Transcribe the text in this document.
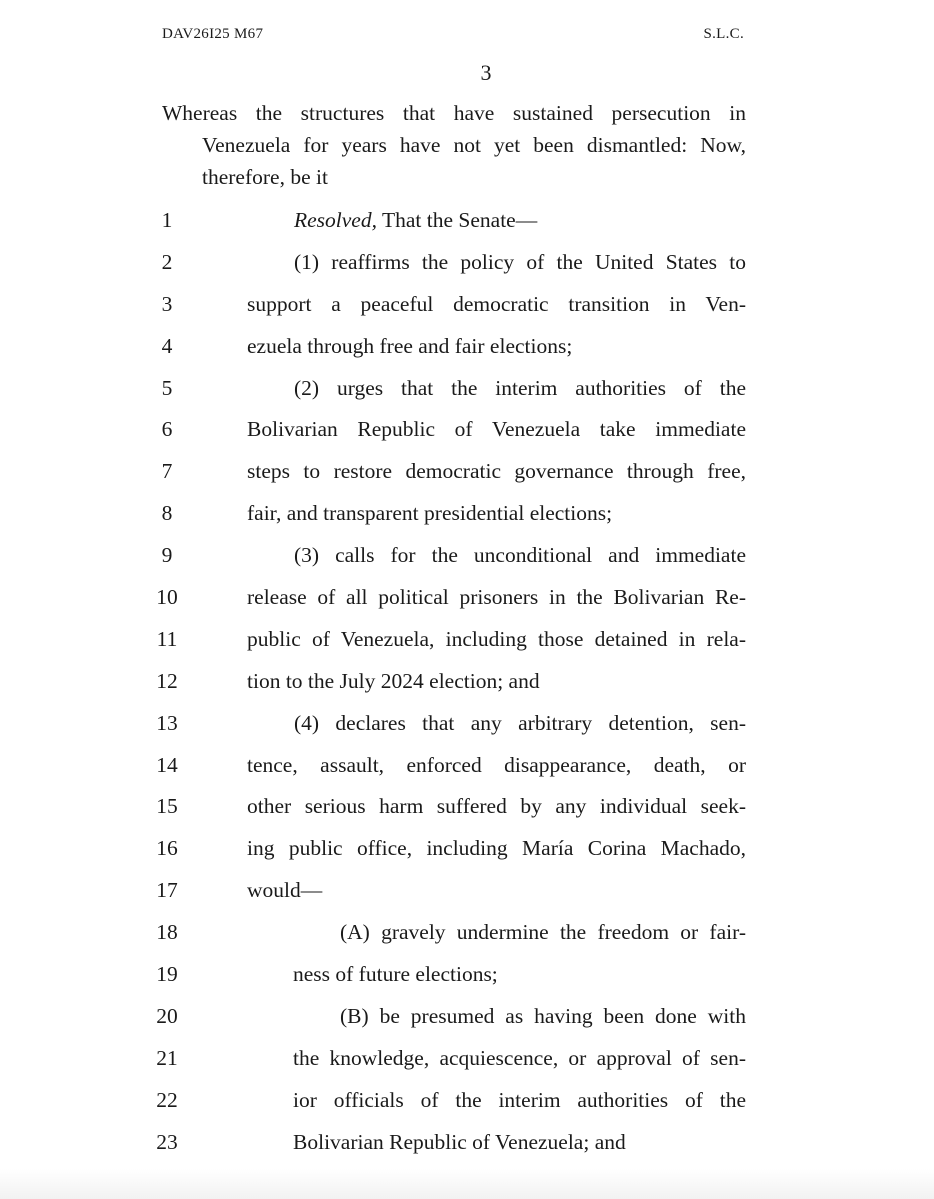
DAV26I25 M67	S.L.C.
3
Whereas the structures that have sustained persecution in
Venezuela for years have not yet been dismantled: Now,
therefore, be it
1	Resolved, That the Senate—
2	(1) reaffirms the policy of the United States to
3	support a peaceful democratic transition in Ven-
4	ezuela through free and fair elections;
5	(2) urges that the interim authorities of the
6	Bolivarian Republic of Venezuela take immediate
7	steps to restore democratic governance through free,
8	fair, and transparent presidential elections;
9	(3) calls for the unconditional and immediate
10	release of all political prisoners in the Bolivarian Re-
11	public of Venezuela, including those detained in rela-
12	tion to the July 2024 election; and
13	(4) declares that any arbitrary detention, sen-
14	tence, assault, enforced disappearance, death, or
15	other serious harm suffered by any individual seek-
16	ing public office, including María Corina Machado,
17	would—
18	(A) gravely undermine the freedom or fair-
19	ness of future elections;
20	(B) be presumed as having been done with
21	the knowledge, acquiescence, or approval of sen-
22	ior officials of the interim authorities of the
23	Bolivarian Republic of Venezuela; and
